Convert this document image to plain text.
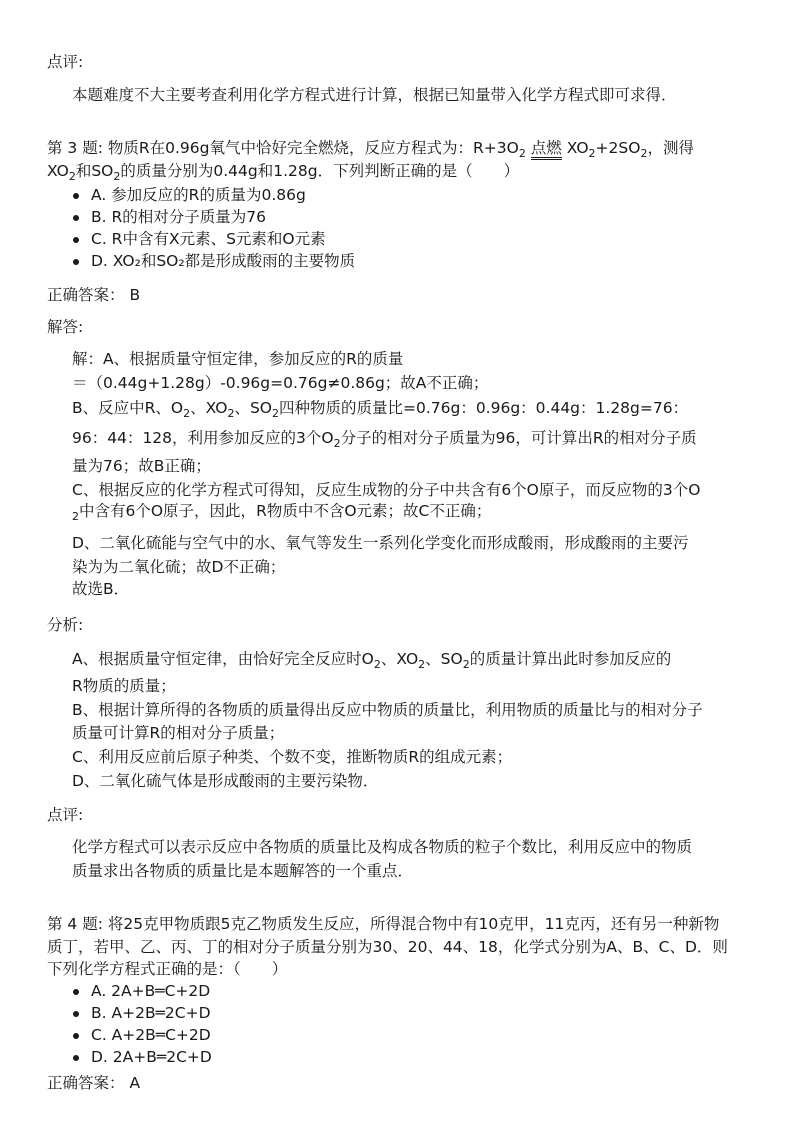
点评:
本题难度不大主要考查利用化学方程式进行计算，根据已知量带入化学方程式即可求得．
第 3 题: 物质R在0.96g氧气中恰好完全燃烧，反应方程式为：$R+3O_2$ 点燃 $XO_2+2SO_2$，测得
$XO_2$和$SO_2$的质量分别为0.44g和1.28g．下列判断正确的是（　　）
A. 参加反应的R的质量为0.86g
B. R的相对分子质量为76
C. R中含有X元素、S元素和O元素
D. XO₂和SO₂都是形成酸雨的主要物质
正确答案： B
解答:
解：A、根据质量守恒定律，参加反应的R的质量
＝（0.44g+1.28g）-0.96g=0.76g≠0.86g；故A不正确；
B、反应中R、$O_2$、$XO_2$、$SO_2$四种物质的质量比=0.76g：0.96g：0.44g：1.28g=76：
96：44：128，利用参加反应的3个$O_2$分子的相对分子质量为96，可计算出R的相对分子质
量为76；故B正确；
C、根据反应的化学方程式可得知，反应生成物的分子中共含有6个O原子，而反应物的3个O
$_2$中含有6个O原子，因此，R物质中不含O元素；故C不正确；
D、二氧化硫能与空气中的水、氧气等发生一系列化学变化而形成酸雨，形成酸雨的主要污
染为为二氧化硫；故D不正确；
故选B．
分析:
A、根据质量守恒定律，由恰好完全反应时$O_2$、$XO_2$、$SO_2$的质量计算出此时参加反应的
R物质的质量；
B、根据计算所得的各物质的质量得出反应中物质的质量比，利用物质的质量比与的相对分子
质量可计算R的相对分子质量；
C、利用反应前后原子种类、个数不变，推断物质R的组成元素；
D、二氧化硫气体是形成酸雨的主要污染物．
点评:
化学方程式可以表示反应中各物质的质量比及构成各物质的粒子个数比，利用反应中的物质
质量求出各物质的质量比是本题解答的一个重点．
第 4 题: 将25克甲物质跟5克乙物质发生反应，所得混合物中有10克甲，11克丙，还有另一种新物
质丁，若甲、乙、丙、丁的相对分子质量分别为30、20、44、18，化学式分别为A、B、C、D．则
下列化学方程式正确的是：（　　）
A. 2A+B═C+2D
B. A+2B═2C+D
C. A+2B═C+2D
D. 2A+B═2C+D
正确答案： A
